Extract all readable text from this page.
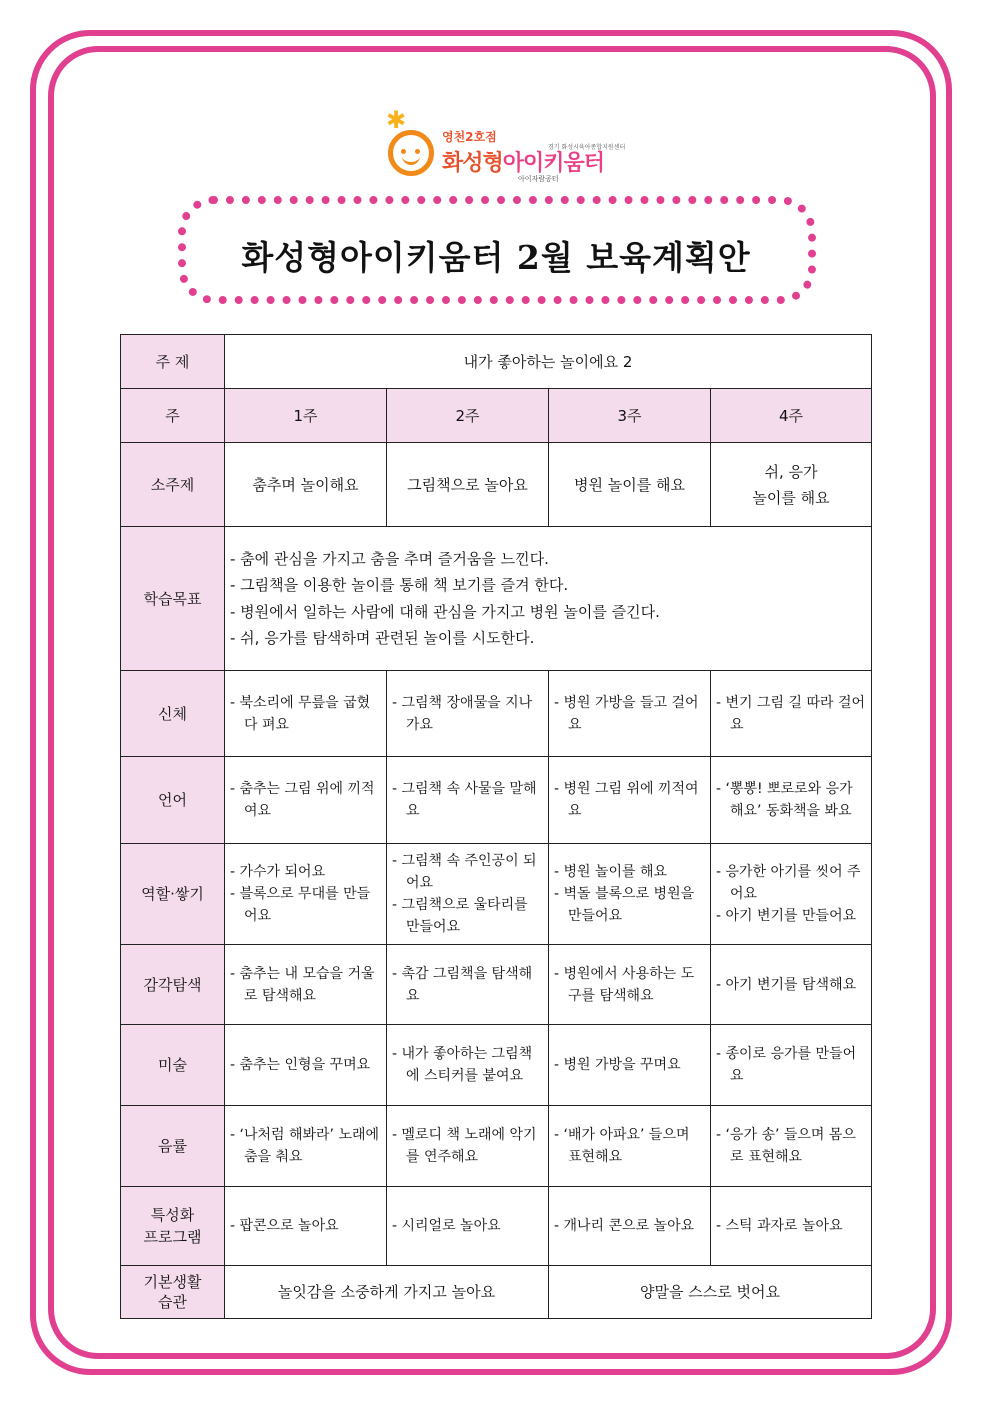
✱
영천2호점
경기 화성시육아종합지원센터
화성형아이키움터
아이자람공터
화성형아이키움터 2월 보육계획안
주 제	내가 좋아하는 놀이에요 2			
주	1주	2주	3주	4주
소주제	춤추며 놀이해요	그림책으로 놀아요	병원 놀이를 해요	쉬, 응가
놀이를 해요
학습목표	- 춤에 관심을 가지고 춤을 추며 즐거움을 느낀다.
- 그림책을 이용한 놀이를 통해 책 보기를 즐겨 한다.
- 병원에서 일하는 사람에 대해 관심을 가지고 병원 놀이를 즐긴다.
- 쉬, 응가를 탐색하며 관련된 놀이를 시도한다.			

신체	- 북소리에 무릎을 굽혔다 펴요	- 그림책 장애물을 지나가요	- 병원 가방을 들고 걸어요	- 변기 그림 길 따라 걸어요

언어	- 춤추는 그림 위에 끼적여요	- 그림책 속 사물을 말해요	- 병원 그림 위에 끼적여요	- ‘뽕뽕! 뽀로로와 응가해요’ 동화책을 봐요

역할·쌓기	- 가수가 되어요
- 블록으로 무대를 만들어요	- 그림책 속 주인공이 되어요
- 그림책으로 울타리를 만들어요	- 병원 놀이를 해요
- 벽돌 블록으로 병원을 만들어요	- 응가한 아기를 씻어 주어요
- 아기 변기를 만들어요

감각탐색	- 춤추는 내 모습을 거울로 탐색해요	- 촉감 그림책을 탐색해요	- 병원에서 사용하는 도구를 탐색해요	- 아기 변기를 탐색해요

미술	- 춤추는 인형을 꾸며요	- 내가 좋아하는 그림책에 스티커를 붙여요	- 병원 가방을 꾸며요	- 종이로 응가를 만들어요

음률	- ‘나처럼 해봐라’ 노래에 춤을 춰요	- 멜로디 책 노래에 악기를 연주해요	- ‘배가 아파요’ 들으며 표현해요	- ‘응가 송’ 들으며 몸으로 표현해요

특성화
프로그램	- 팝콘으로 놀아요	- 시리얼로 놀아요	- 개나리 콘으로 놀아요	- 스틱 과자로 놀아요

기본생활
습관	놀잇감을 소중하게 가지고 놀아요		양말을 스스로 벗어요	
